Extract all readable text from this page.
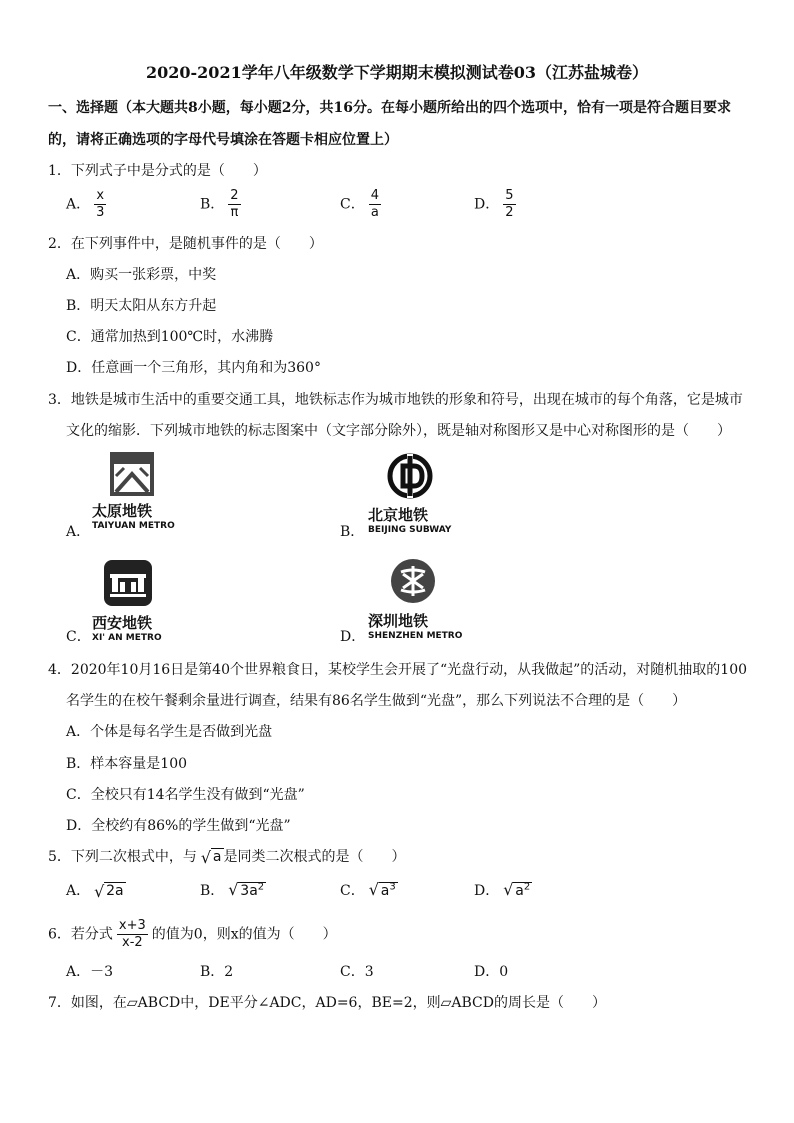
2020-2021学年八年级数学下学期期末模拟测试卷03（江苏盐城卷）
一、选择题（本大题共8小题，每小题2分，共16分。在每小题所给出的四个选项中，恰有一项是符合题目要求
的，请将正确选项的字母代号填涂在答题卡相应位置上）
1．下列式子中是分式的是（　　）
A． $\frac{x}{3}$	B． $\frac{2}{\pi}$	C． $\frac{4}{a}$	D． $\frac{5}{2}$
2．在下列事件中，是随机事件的是（　　）
A．购买一张彩票，中奖
B．明天太阳从东方升起
C．通常加热到100℃时，水沸腾
D．任意画一个三角形，其内角和为360°
3．地铁是城市生活中的重要交通工具，地铁标志作为城市地铁的形象和符号，出现在城市的每个角落，它是城市
文化的缩影．下列城市地铁的标志图案中（文字部分除外），既是轴对称图形又是中心对称图形的是（　　）
A．
太原地铁
TAIYUAN METRO	B．
北京地铁
BEIJING SUBWAY
C．
西安地铁
XI' AN METRO	D．
深圳地铁
SHENZHEN METRO
4．2020年10月16日是第40个世界粮食日，某校学生会开展了“光盘行动，从我做起”的活动，对随机抽取的100
名学生的在校午餐剩余量进行调查，结果有86名学生做到“光盘”，那么下列说法不合理的是（　　）
A．个体是每名学生是否做到光盘
B．样本容量是100
C．全校只有14名学生没有做到“光盘”
D．全校约有86%的学生做到“光盘”
5．下列二次根式中，与 √ a 是同类二次根式的是（　　）
A． √ 2a	B． √ $3a^2$	C． √ $a^3$	D． √ $a^2$
6．若分式 $\frac{x+3}{x-2}$ 的值为0，则x的值为（　　）
A．－3	B．2	C．3	D．0
7．如图，在▱ABCD中，DE平分∠ADC，AD=6，BE=2，则▱ABCD的周长是（　　）
